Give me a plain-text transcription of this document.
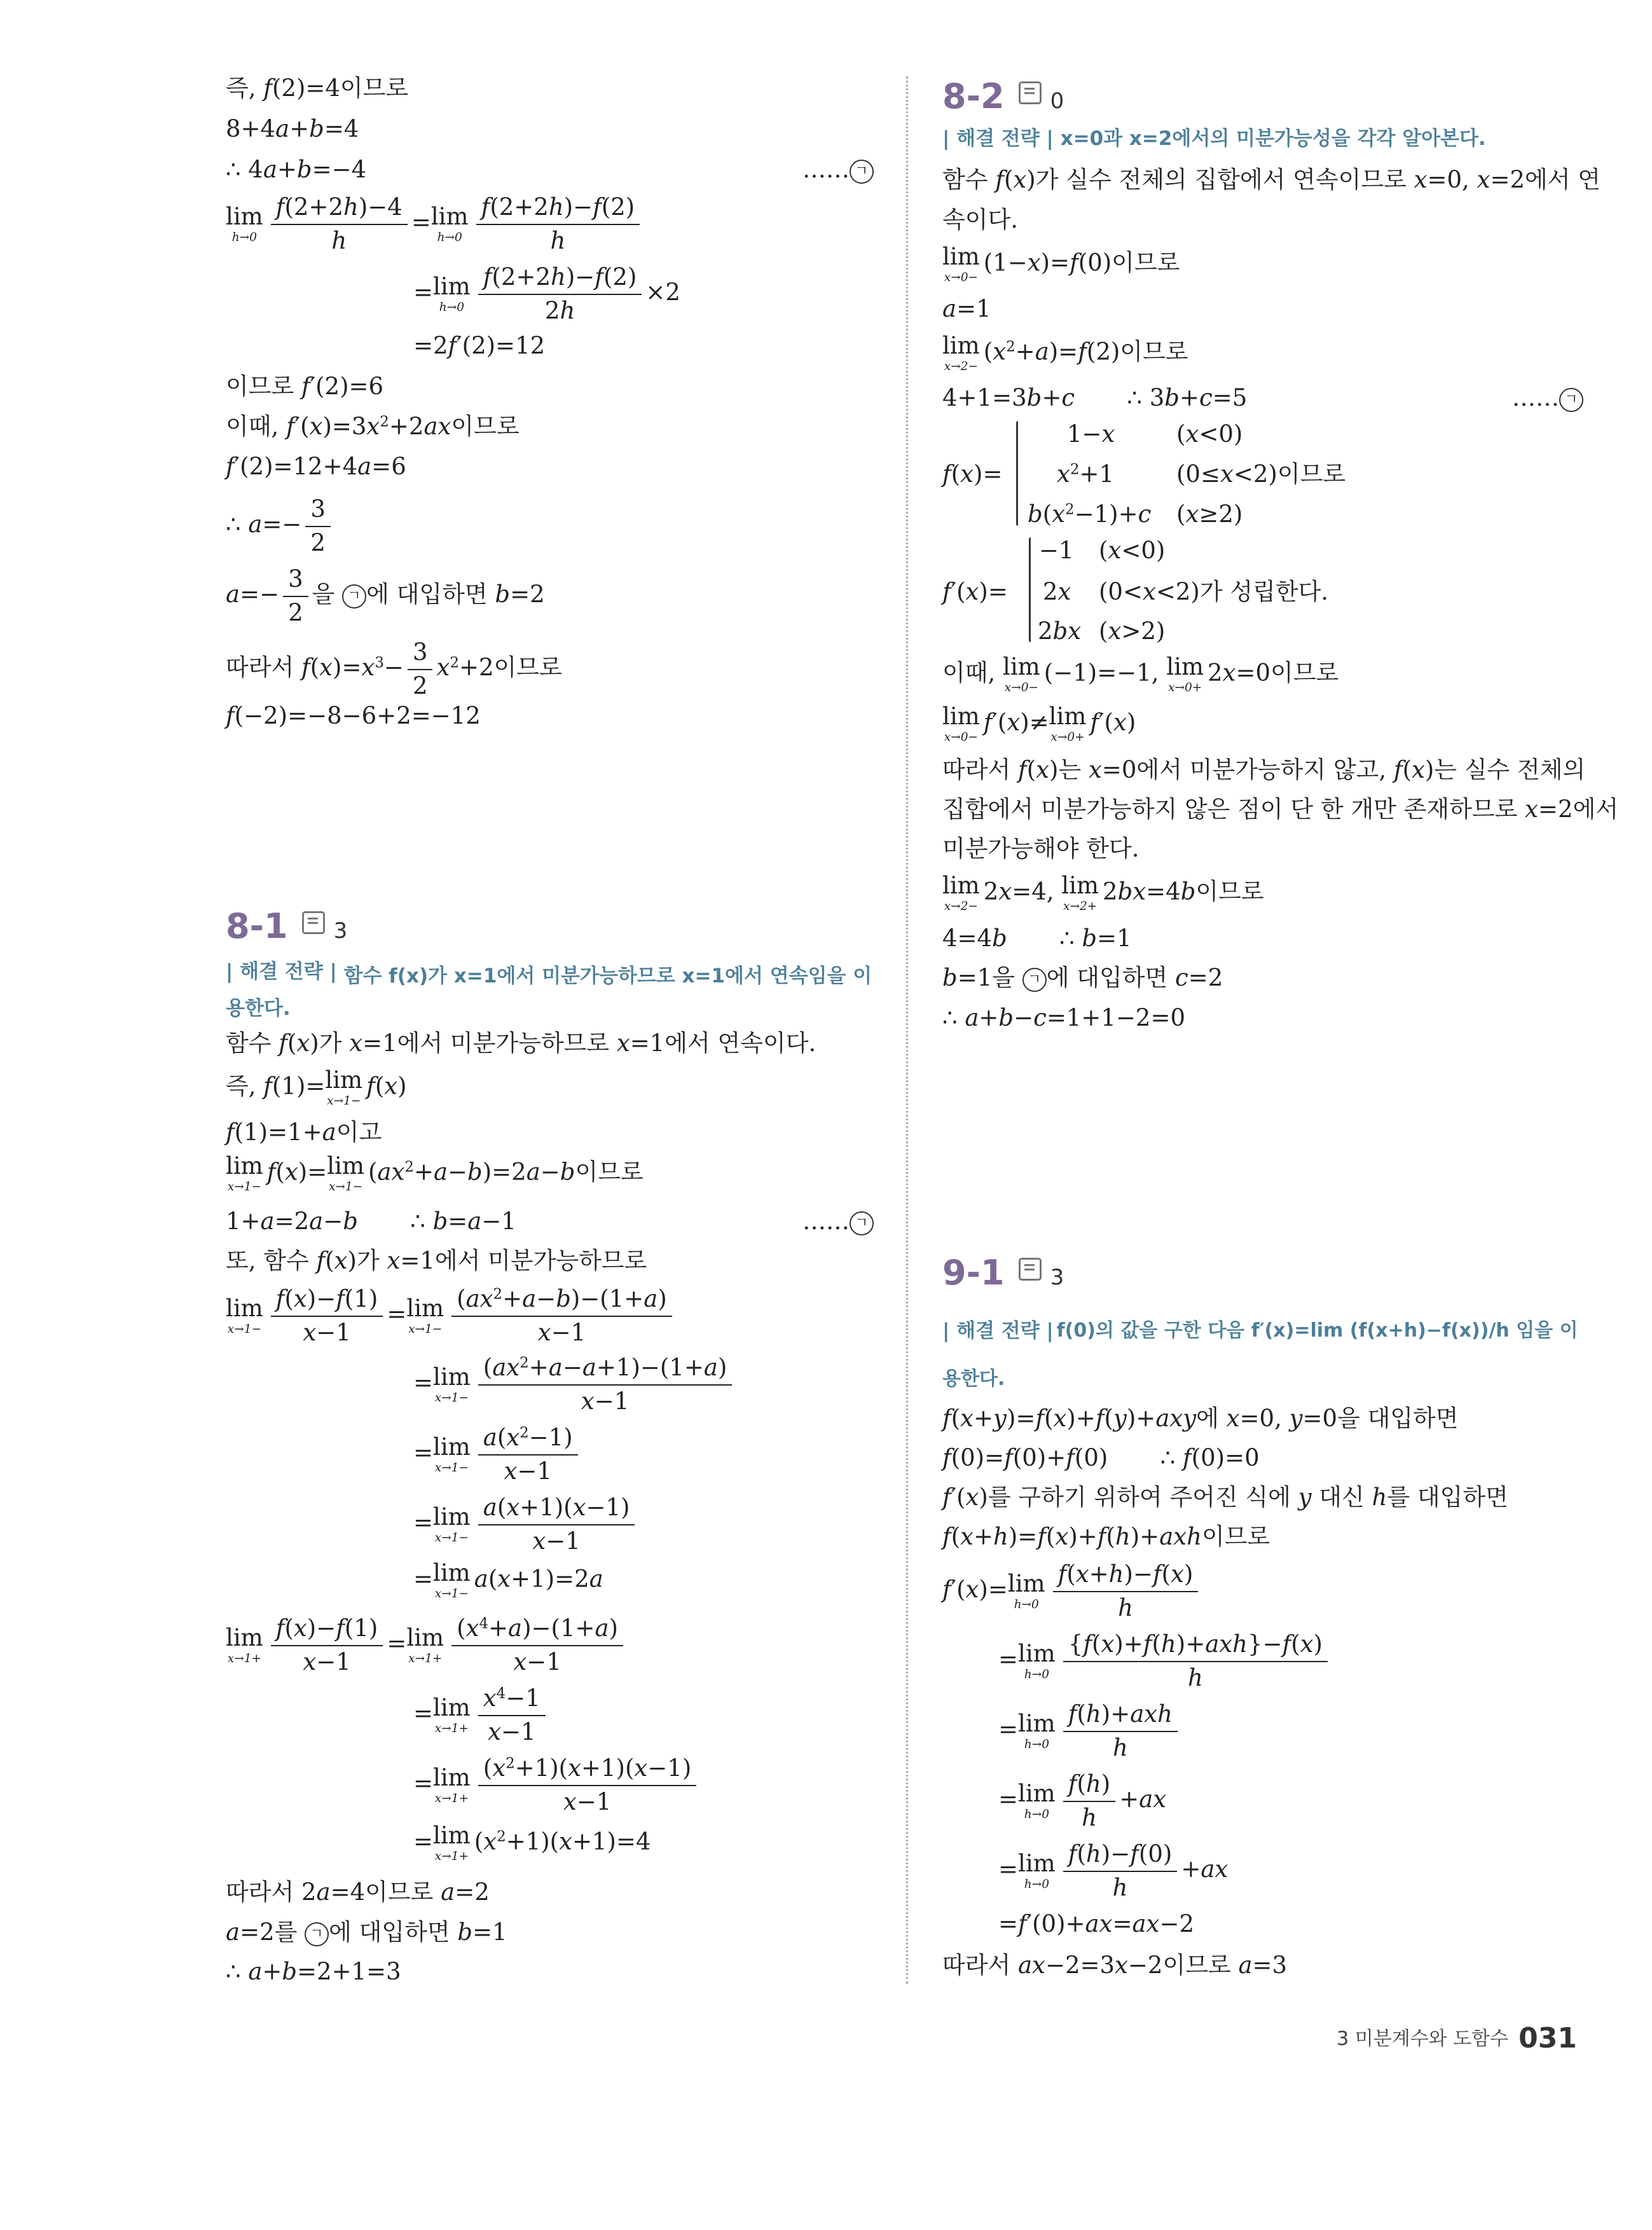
즉, f(2)=4이므로
8+4a+b=4
∴ 4a+b=−4	…… ㄱ
lim
$h\to 0 \frac{f(2+2h)-4}{h} =\lim$
$h\to 0 \frac{f(2+2h)-f(2)}{h}$
=lim
$h\to 0 \frac{f(2+2h)-f(2)}{2h} \times 2$
=2f′(2)=12
이므로 f′(2)=6
이때, $f'(x)=3x^2+2ax$이므로
f′(2)=12+4a=6
∴ $a=- \frac{3}{2}$
$a=- \frac{3}{2}$ 을 ㄱ 에 대입하면 b=2
따라서 $f(x)=x^3- \frac{3}{2} x^2+2$이므로
f(−2)=−8−6+2=−12
8-1 3
| 해결 전략 | 함수 f(x)가 x=1에서 미분가능하므로 x=1에서 연속임을 이용한다.
함수 f(x)가 x=1에서 미분가능하므로 x=1에서 연속이다.
즉, f(1)=lim
x→1−
f(x)
f(1)=1+a이고
lim
x→1−
f(x)=lim
x→1−
$(ax^2+a-b)=2a-b$이므로
1+a=2a−b       ∴ b=a−1	…… ㄱ
또, 함수 f(x)가 x=1에서 미분가능하므로
lim
$x\to 1- \frac{f(x)-f(1)}{x-1} =\lim$
$x\to 1- \frac{(ax^2+a-b)-(1+a)}{x-1}$
=lim
$x\to 1- \frac{(ax^2+a-a+1)-(1+a)}{x-1}$
=lim
$x\to 1- \frac{a(x^2-1)}{x-1}$
=lim
$x\to 1- \frac{a(x+1)(x-1)}{x-1}$
=lim
x→1−
a(x+1)=2a
lim
$x\to 1+ \frac{f(x)-f(1)}{x-1} =\lim$
$x\to 1+ \frac{(x^4+a)-(1+a)}{x-1}$
=lim
$x\to 1+ \frac{x^4-1}{x-1}$
=lim
$x\to 1+ \frac{(x^2+1)(x+1)(x-1)}{x-1}$
=lim
x→1+
$(x^2+1)(x+1)=4$
따라서 2a=4이므로 a=2
a=2를 ㄱ 에 대입하면 b=1
∴ a+b=2+1=3
8-2 0
| 해결 전략 | x=0과 x=2에서의 미분가능성을 각각 알아본다.
함수 f(x)가 실수 전체의 집합에서 연속이므로 x=0, x=2에서 연
속이다.
lim
x→0−
(1−x)=f(0)이므로
a=1
lim
x→2−
$(x^2+a)=f(2)$이므로
4+1=3b+c       ∴ 3b+c=5	…… ㄱ
f(x)=
1−x	(x<0)
$x^2+1$	(0≤x<2)이므로
$b(x^2-1)+c$ (x≥2)
f′(x)=
−1 (x<0)
2x (0<x<2)가 성립한다.
2bx (x>2)
이때, lim
x→0−
(−1)=−1, lim
x→0+
2x=0이므로
lim
x→0−
f′(x)≠lim
x→0+
f′(x)
따라서 f(x)는 x=0에서 미분가능하지 않고, f(x)는 실수 전체의
집합에서 미분가능하지 않은 점이 단 한 개만 존재하므로 x=2에서
미분가능해야 한다.
lim
x→2−
2x=4, lim
x→2+
2bx=4b이므로
4=4b       ∴ b=1
b=1을 ㄱ 에 대입하면 c=2
∴ a+b−c=1+1−2=0
9-1 3
| 해결 전략 | f(0)의 값을 구한 다음 f′(x)=lim (f(x+h)−f(x))/h 임을 이용한다.
f(x+y)=f(x)+f(y)+axy에 x=0, y=0을 대입하면
f(0)=f(0)+f(0)       ∴ f(0)=0
f′(x)를 구하기 위하여 주어진 식에 y 대신 h를 대입하면
f(x+h)=f(x)+f(h)+axh이므로
f′(x)=lim
$h\to 0 \frac{f(x+h)-f(x)}{h}$
=lim
$h\to 0 \frac{\text{\{f(x)+f(h)+axh\}−f(x)}}{h}$
=lim
$h\to 0 \frac{\text{f(h)+axh}}{h}$
=lim
$h\to 0 \frac{f(h)}{h} +ax$
=lim
$h\to 0 \frac{f(h)-f(0)}{h} +ax$
=f′(0)+ax=ax−2
따라서 ax−2=3x−2이므로 a=3
3 미분계수와 도함수 031
